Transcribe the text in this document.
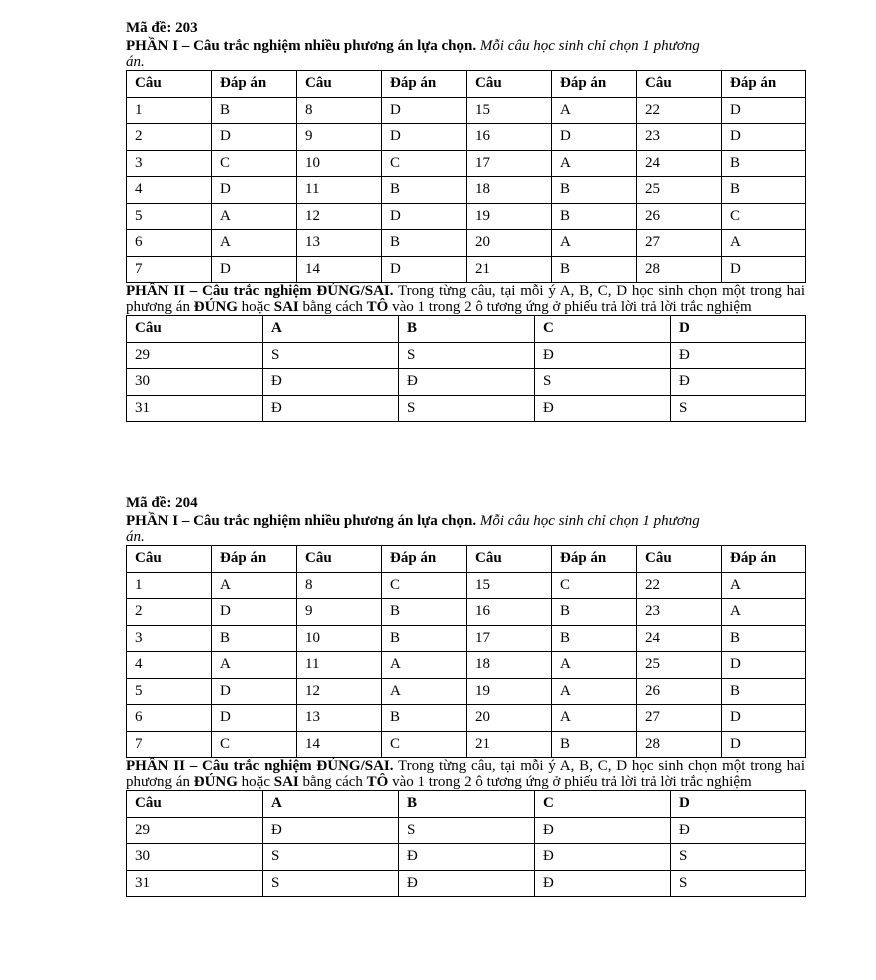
Mã đề: 203
PHẦN I – Câu trắc nghiệm nhiều phương án lựa chọn. Mỗi câu học sinh chỉ chọn 1 phương
án.
Câu	Đáp án	Câu	Đáp án	Câu	Đáp án	Câu	Đáp án
1	B	8	D	15	A	22	D
2	D	9	D	16	D	23	D
3	C	10	C	17	A	24	B
4	D	11	B	18	B	25	B
5	A	12	D	19	B	26	C
6	A	13	B	20	A	27	A
7	D	14	D	21	B	28	D
PHẦN II – Câu trắc nghiệm ĐÚNG/SAI. Trong từng câu, tại mỗi ý A, B, C, D học sinh chọn một trong hai phương án ĐÚNG hoặc SAI bằng cách TÔ vào 1 trong 2 ô tương ứng ở phiếu trả lời trả lời trắc nghiệm
Câu	A	B	C	D
29	S	S	Đ	Đ
30	Đ	Đ	S	Đ
31	Đ	S	Đ	S
Mã đề: 204
PHẦN I – Câu trắc nghiệm nhiều phương án lựa chọn. Mỗi câu học sinh chỉ chọn 1 phương
án.
Câu	Đáp án	Câu	Đáp án	Câu	Đáp án	Câu	Đáp án
1	A	8	C	15	C	22	A
2	D	9	B	16	B	23	A
3	B	10	B	17	B	24	B
4	A	11	A	18	A	25	D
5	D	12	A	19	A	26	B
6	D	13	B	20	A	27	D
7	C	14	C	21	B	28	D
PHẦN II – Câu trắc nghiệm ĐÚNG/SAI. Trong từng câu, tại mỗi ý A, B, C, D học sinh chọn một trong hai phương án ĐÚNG hoặc SAI bằng cách TÔ vào 1 trong 2 ô tương ứng ở phiếu trả lời trả lời trắc nghiệm
Câu	A	B	C	D
29	Đ	S	Đ	Đ
30	S	Đ	Đ	S
31	S	Đ	Đ	S
